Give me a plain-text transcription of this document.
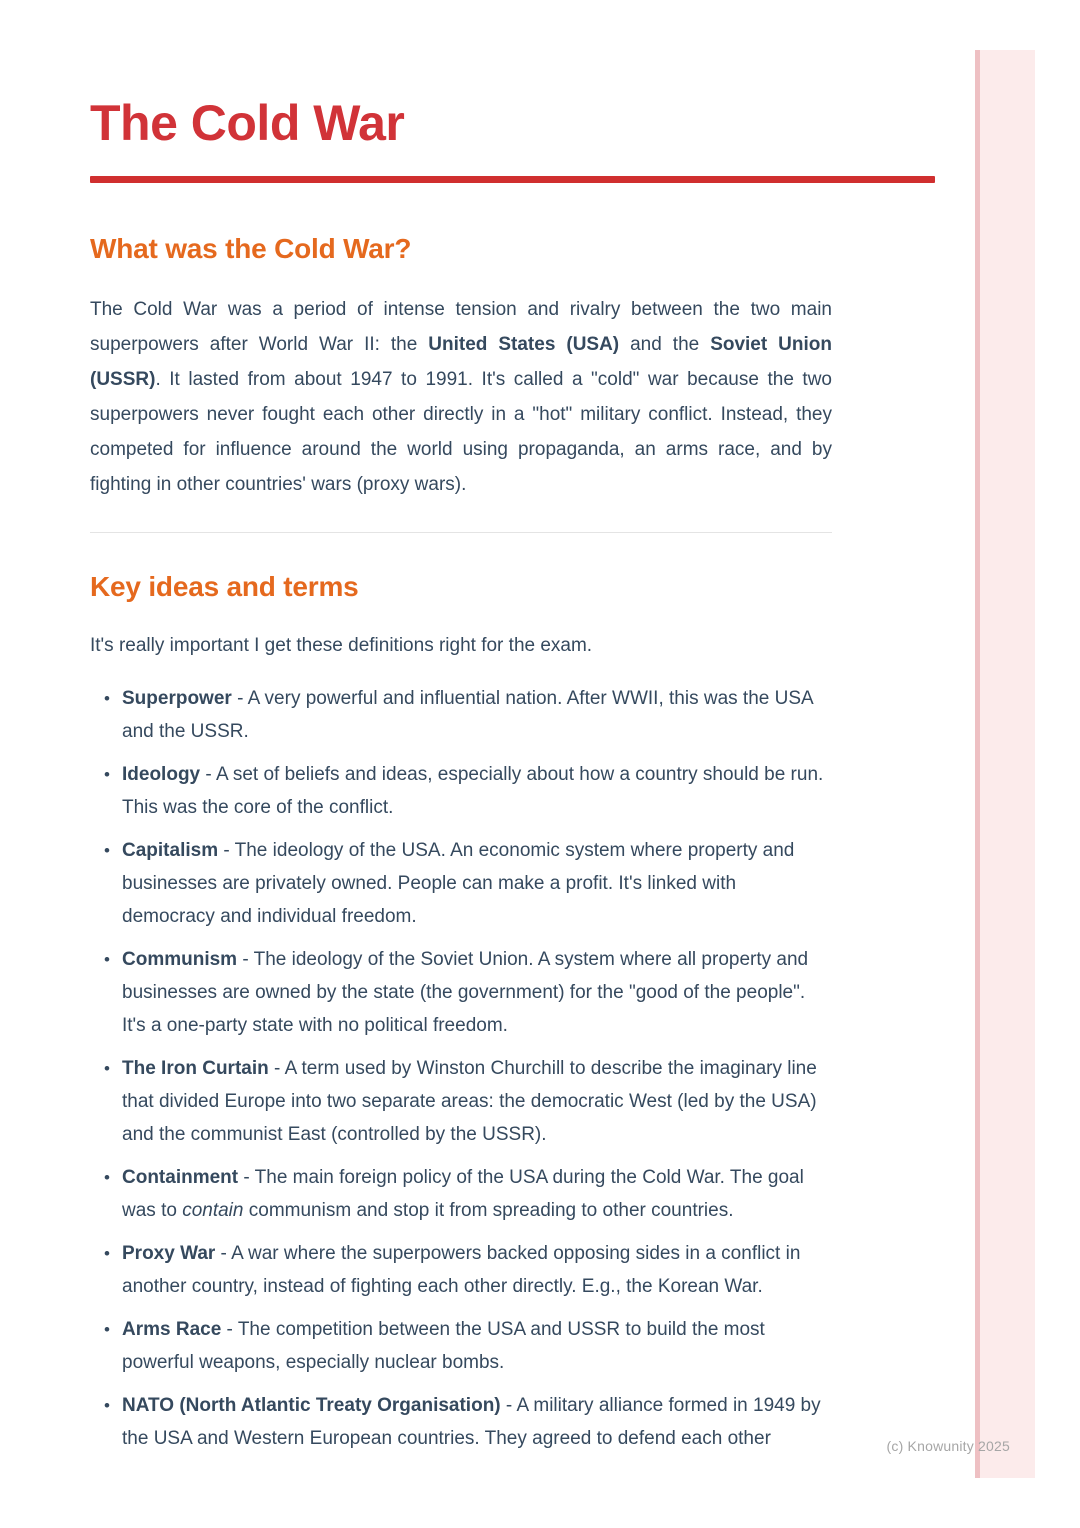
(c) Knowunity 2025
The Cold War
What was the Cold War?

The Cold War was a period of intense tension and rivalry between the two main superpowers after World War II: the United States (USA) and the Soviet Union (USSR). It lasted from about 1947 to 1991. It's called a "cold" war because the two superpowers never fought each other directly in a "hot" military conflict. Instead, they competed for influence around the world using propaganda, an arms race, and by fighting in other countries' wars (proxy wars).

Key ideas and terms

It's really important I get these definitions right for the exam.

• Superpower - A very powerful and influential nation. After WWII, this was the USA and the USSR.
• Ideology - A set of beliefs and ideas, especially about how a country should be run. This was the core of the conflict.
• Capitalism - The ideology of the USA. An economic system where property and businesses are privately owned. People can make a profit. It's linked with democracy and individual freedom.
• Communism - The ideology of the Soviet Union. A system where all property and businesses are owned by the state (the government) for the "good of the people". It's a one-party state with no political freedom.
• The Iron Curtain - A term used by Winston Churchill to describe the imaginary line that divided Europe into two separate areas: the democratic West (led by the USA) and the communist East (controlled by the USSR).
• Containment - The main foreign policy of the USA during the Cold War. The goal was to contain communism and stop it from spreading to other countries.
• Proxy War - A war where the superpowers backed opposing sides in a conflict in another country, instead of fighting each other directly. E.g., the Korean War.
• Arms Race - The competition between the USA and USSR to build the most powerful weapons, especially nuclear bombs.
• NATO (North Atlantic Treaty Organisation) - A military alliance formed in 1949 by the USA and Western European countries. They agreed to defend each other
